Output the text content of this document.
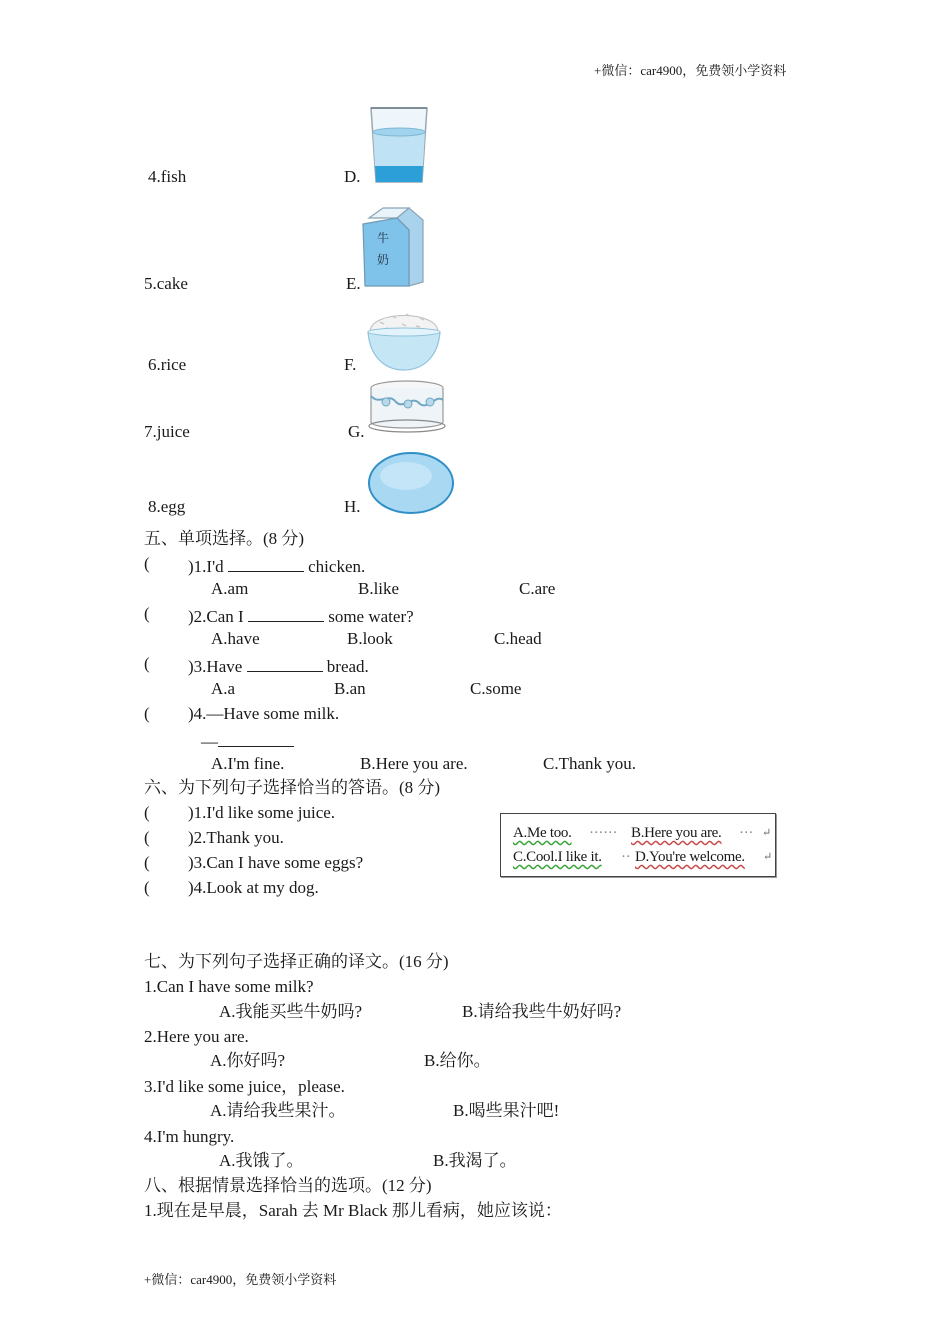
+微信：car4900，免费领小学资料
+微信：car4900，免费领小学资料
4.fish	D.
5.cake	E.
牛
奶
6.rice	F.
7.juice	G.
8.egg	H.
五、单项选择。(8 分)
( )1.I'd	chicken.
A.am	B.like	C.are
( )2.Can I	some water?
A.have	B.look	C.head
( )3.Have	bread.
A.a	B.an	C.some
( )4.—Have some milk.
—
A.I'm fine.	B.Here you are.	C.Thank you.
六、为下列句子选择恰当的答语。(8 分)
( )1.I'd like some juice.
( )2.Thank you.
( )3.Can I have some eggs?
( )4.Look at my dog.
A.Me too. ······ B.Here you are. ··· ↵
C.Cool.I like it. ·· D.You're welcome. ↵
七、为下列句子选择正确的译文。(16 分)
1.Can I have some milk?
A.我能买些牛奶吗?	B.请给我些牛奶好吗?
2.Here you are.
A.你好吗?	B.给你。
3.I'd like some juice，please.
A.请给我些果汁。	B.喝些果汁吧!
4.I'm hungry.
A.我饿了。	B.我渴了。
八、根据情景选择恰当的选项。(12 分)
1.现在是早晨，Sarah 去 Mr Black 那儿看病，她应该说：
